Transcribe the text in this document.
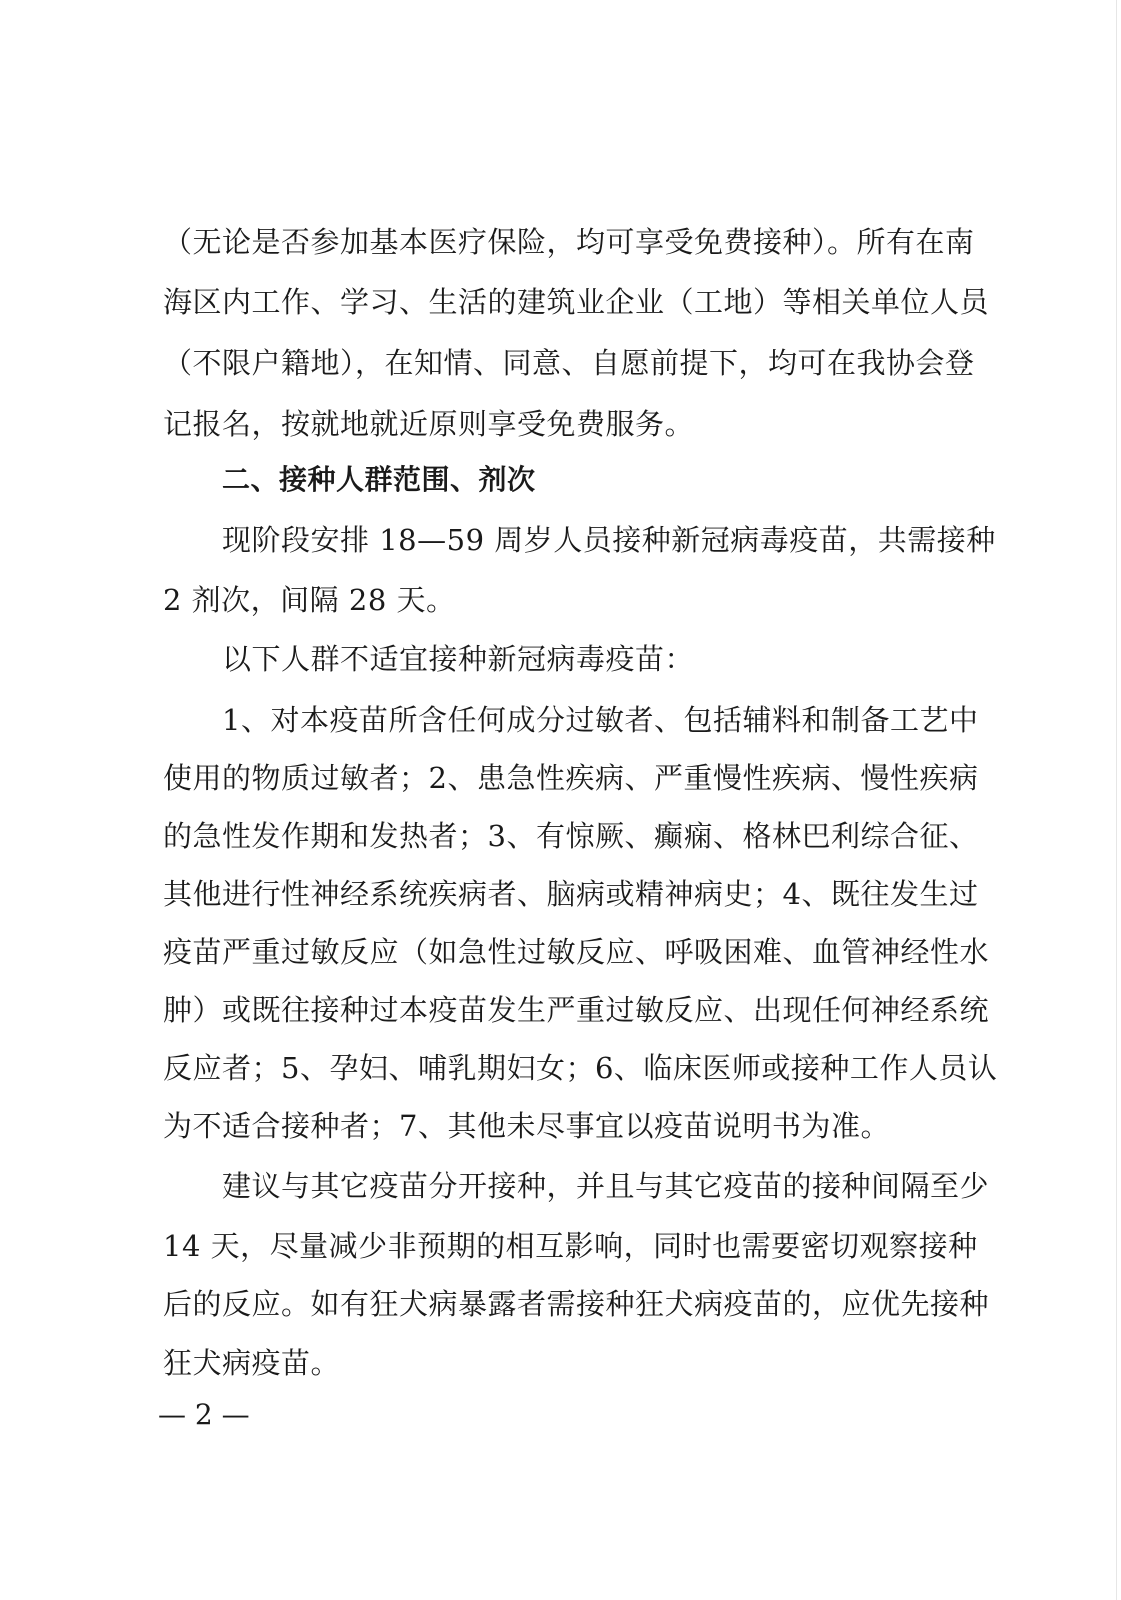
（无论是否参加基本医疗保险，均可享受免费接种）。所有在南
海区内工作、学习、生活的建筑业企业（工地）等相关单位人员
（不限户籍地），在知情、同意、自愿前提下，均可在我协会登
记报名，按就地就近原则享受免费服务。
二、接种人群范围、剂次
现阶段安排 18—59 周岁人员接种新冠病毒疫苗，共需接种
2 剂次，间隔 28 天。
以下人群不适宜接种新冠病毒疫苗：
1、对本疫苗所含任何成分过敏者、包括辅料和制备工艺中
使用的物质过敏者；2、患急性疾病、严重慢性疾病、慢性疾病
的急性发作期和发热者；3、有惊厥、癫痫、格林巴利综合征、
其他进行性神经系统疾病者、脑病或精神病史；4、既往发生过
疫苗严重过敏反应（如急性过敏反应、呼吸困难、血管神经性水
肿）或既往接种过本疫苗发生严重过敏反应、出现任何神经系统
反应者；5、孕妇、哺乳期妇女；6、临床医师或接种工作人员认
为不适合接种者；7、其他未尽事宜以疫苗说明书为准。
建议与其它疫苗分开接种，并且与其它疫苗的接种间隔至少
14 天，尽量减少非预期的相互影响，同时也需要密切观察接种
后的反应。如有狂犬病暴露者需接种狂犬病疫苗的，应优先接种
狂犬病疫苗。
— 2 —
